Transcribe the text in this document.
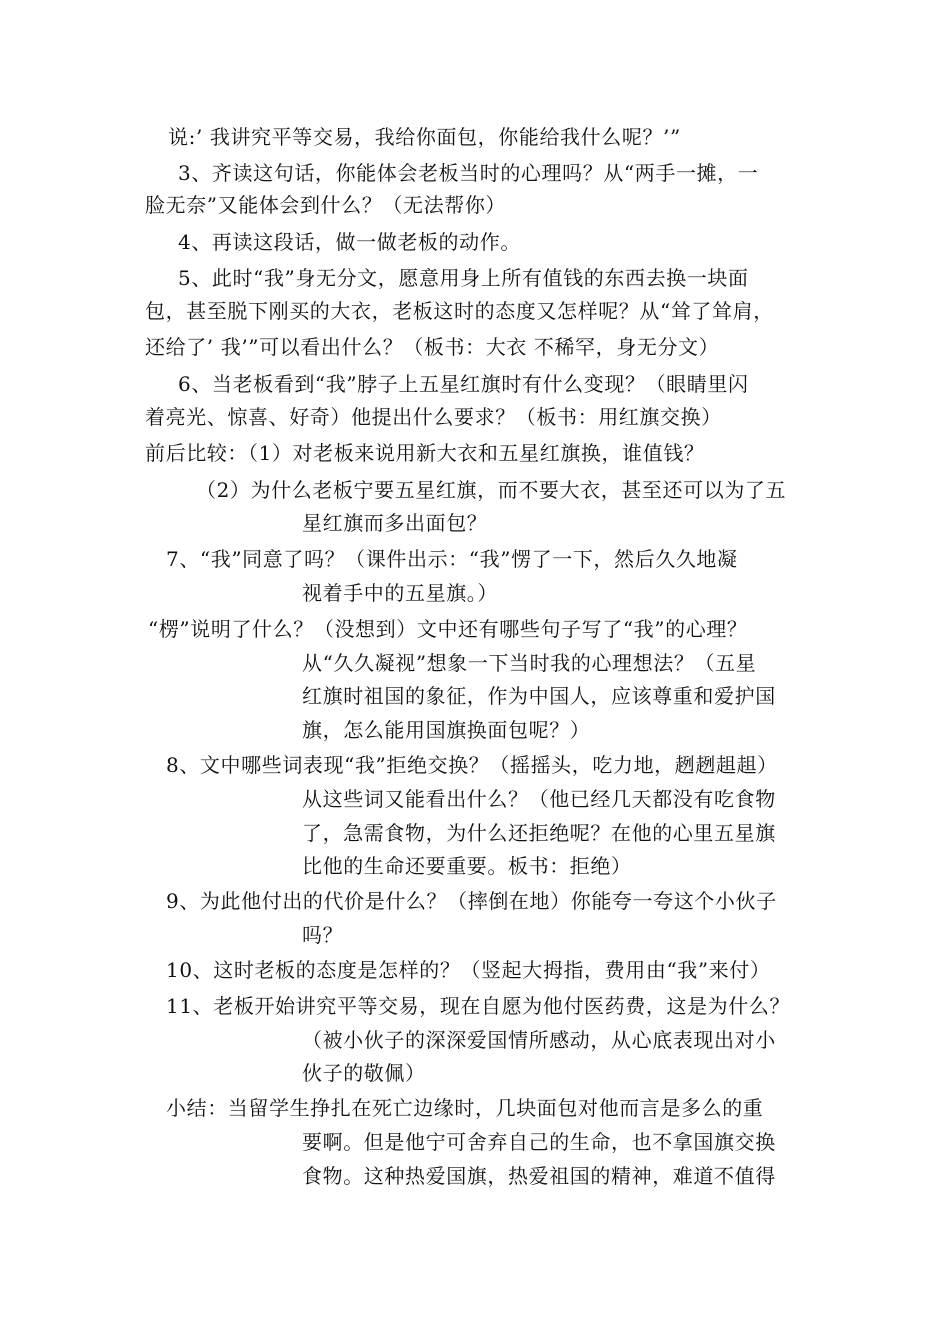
说:’ 我讲究平等交易，我给你面包，你能给我什么呢？’”
3、齐读这句话，你能体会老板当时的心理吗？从“两手一摊，一
脸无奈”又能体会到什么？（无法帮你）
4、再读这段话，做一做老板的动作。
5、此时“我”身无分文，愿意用身上所有值钱的东西去换一块面
包，甚至脱下刚买的大衣，老板这时的态度又怎样呢？从“耸了耸肩，
还给了’ 我’”可以看出什么？（板书：大衣 不稀罕，身无分文）
6、当老板看到“我”脖子上五星红旗时有什么变现？（眼睛里闪
着亮光、惊喜、好奇）他提出什么要求？（板书：用红旗交换）
前后比较：（1）对老板来说用新大衣和五星红旗换，谁值钱？
（2）为什么老板宁要五星红旗，而不要大衣，甚至还可以为了五
星红旗而多出面包？
7、“我”同意了吗？（课件出示：“我”愣了一下，然后久久地凝
视着手中的五星旗。）
“楞”说明了什么？（没想到）文中还有哪些句子写了“我”的心理？
从“久久凝视”想象一下当时我的心理想法？（五星
红旗时祖国的象征，作为中国人，应该尊重和爱护国
旗，怎么能用国旗换面包呢？）
8、文中哪些词表现“我”拒绝交换？（摇摇头，吃力地，趔趔趄趄）
从这些词又能看出什么？（他已经几天都没有吃食物
了，急需食物，为什么还拒绝呢？在他的心里五星旗
比他的生命还要重要。板书：拒绝）
9、为此他付出的代价是什么？（摔倒在地）你能夸一夸这个小伙子
吗？
10、这时老板的态度是怎样的？（竖起大拇指，费用由“我”来付）
11、老板开始讲究平等交易，现在自愿为他付医药费，这是为什么？
（被小伙子的深深爱国情所感动，从心底表现出对小
伙子的敬佩）
小结：当留学生挣扎在死亡边缘时，几块面包对他而言是多么的重
要啊。但是他宁可舍弃自己的生命，也不拿国旗交换
食物。这种热爱国旗，热爱祖国的精神，难道不值得
